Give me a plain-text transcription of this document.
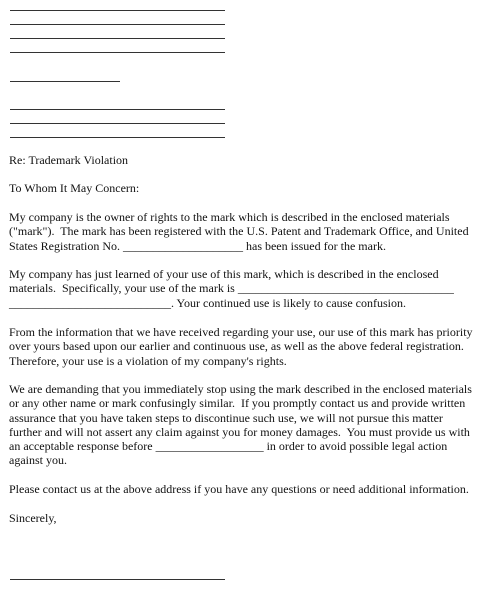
Re: Trademark Violation
To Whom It May Concern:
My company is the owner of rights to the mark which is described in the enclosed materials
("mark").  The mark has been registered with the U.S. Patent and Trademark Office, and United
States Registration No. ____________________ has been issued for the mark.
My company has just learned of your use of this mark, which is described in the enclosed
materials.  Specifically, your use of the mark is ____________________________________
___________________________. Your continued use is likely to cause confusion.
From the information that we have received regarding your use, our use of this mark has priority
over yours based upon our earlier and continuous use, as well as the above federal registration.
Therefore, your use is a violation of my company's rights.
We are demanding that you immediately stop using the mark described in the enclosed materials
or any other name or mark confusingly similar.  If you promptly contact us and provide written
assurance that you have taken steps to discontinue such use, we will not pursue this matter
further and will not assert any claim against you for money damages.  You must provide us with
an acceptable response before __________________ in order to avoid possible legal action
against you.
Please contact us at the above address if you have any questions or need additional information.
Sincerely,
